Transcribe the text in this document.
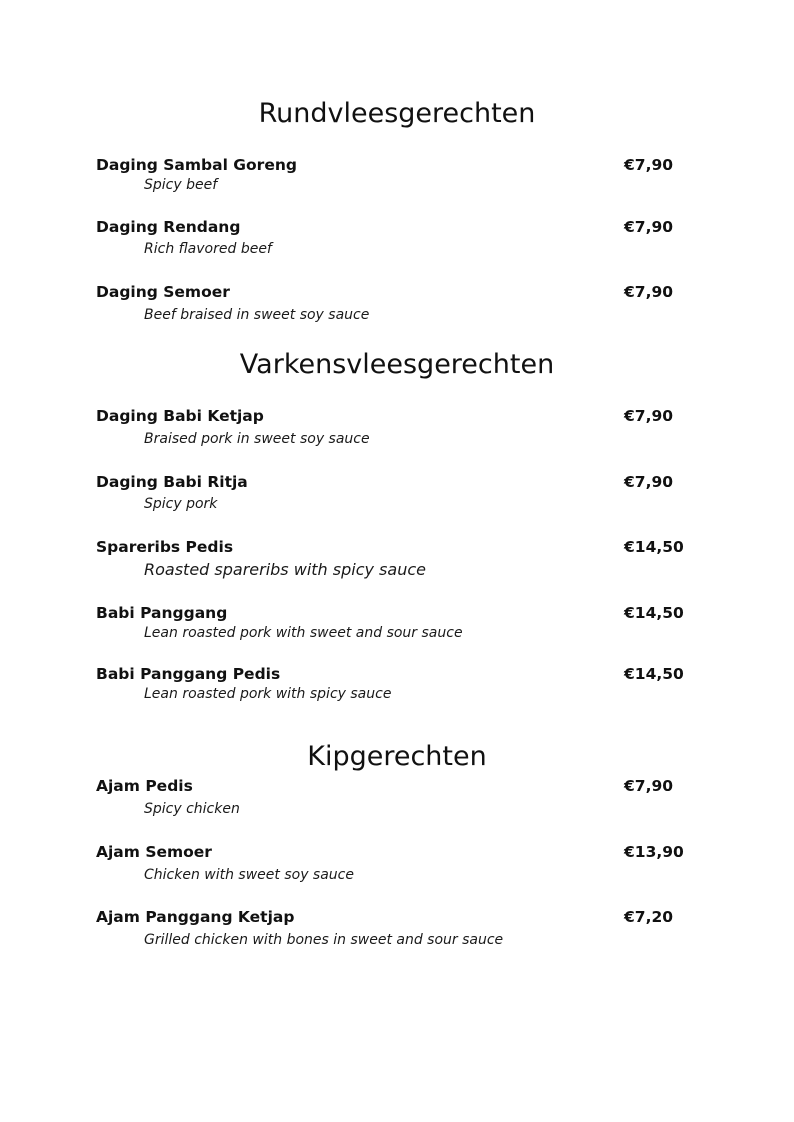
Rundvleesgerechten
Daging Sambal Goreng	€7,90
Spicy beef
Daging Rendang	€7,90
Rich flavored beef
Daging Semoer	€7,90
Beef braised in sweet soy sauce
Varkensvleesgerechten
Daging Babi Ketjap	€7,90
Braised pork in sweet soy sauce
Daging Babi Ritja	€7,90
Spicy pork
Spareribs Pedis	€14,50
Roasted spareribs with spicy sauce
Babi Panggang	€14,50
Lean roasted pork with sweet and sour sauce
Babi Panggang Pedis	€14,50
Lean roasted pork with spicy sauce
Kipgerechten
Ajam Pedis	€7,90
Spicy chicken
Ajam Semoer	€13,90
Chicken with sweet soy sauce
Ajam Panggang Ketjap	€7,20
Grilled chicken with bones in sweet and sour sauce
